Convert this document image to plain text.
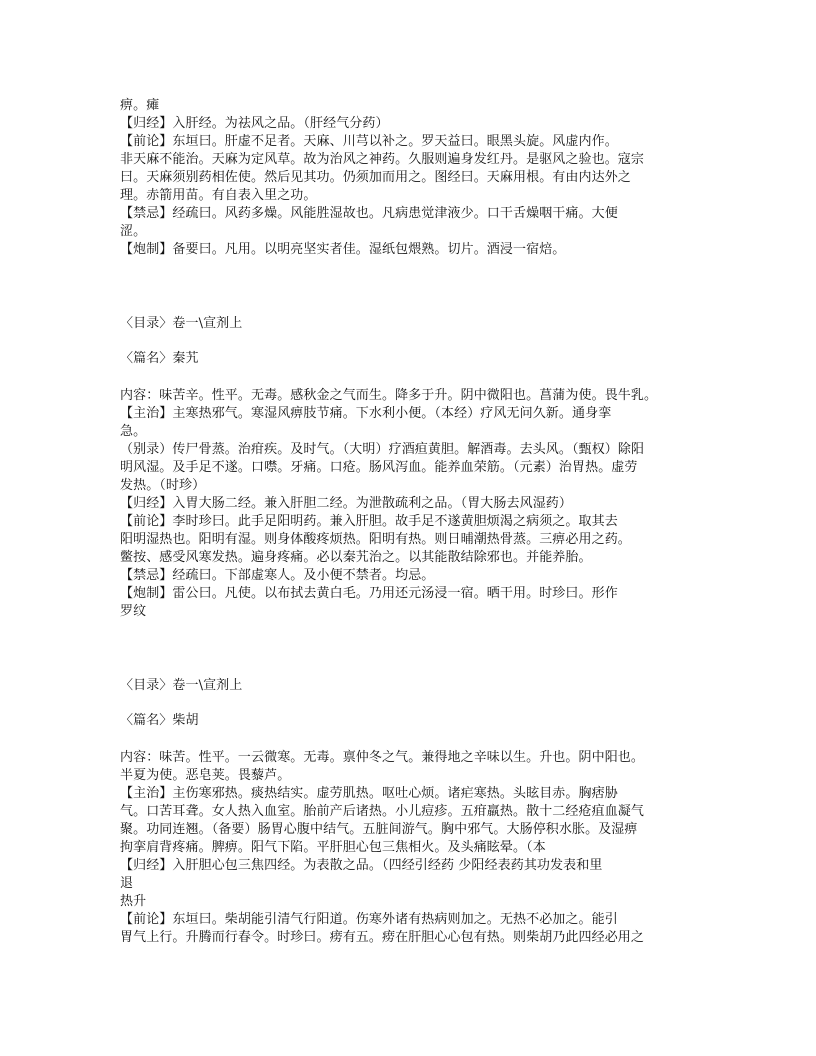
痹。瘫
【归经】入肝经。为祛风之品。（肝经气分药）
【前论】东垣曰。肝虚不足者。天麻、川芎以补之。罗天益曰。眼黑头旋。风虚内作。
非天麻不能治。天麻为定风草。故为治风之神药。久服则遍身发红丹。是驱风之验也。寇宗
曰。天麻须别药相佐使。然后见其功。仍须加而用之。图经曰。天麻用根。有由内达外之
理。赤箭用苗。有自表入里之功。
【禁忌】经疏曰。风药多燥。风能胜湿故也。凡病患觉津液少。口干舌燥咽干痛。大便
涩。
【炮制】备要曰。凡用。以明亮坚实者佳。湿纸包煨熟。切片。酒浸一宿焙。
〈目录〉卷一\宣剂上
〈篇名〉秦艽
内容：味苦辛。性平。无毒。感秋金之气而生。降多于升。阴中微阳也。菖蒲为使。畏牛乳。
【主治】主寒热邪气。寒湿风痹肢节痛。下水利小便。（本经）疗风无问久新。通身挛
急。
（别录）传尸骨蒸。治疳疾。及时气。（大明）疗酒疸黄胆。解酒毒。去头风。（甄权）除阳
明风湿。及手足不遂。口噤。牙痛。口疮。肠风泻血。能养血荣筋。（元素）治胃热。虚劳
发热。（时珍）
【归经】入胃大肠二经。兼入肝胆二经。为泄散疏利之品。（胃大肠去风湿药）
【前论】李时珍曰。此手足阳明药。兼入肝胆。故手足不遂黄胆烦渴之病须之。取其去
阳明湿热也。阳明有湿。则身体酸疼烦热。阳明有热。则日晡潮热骨蒸。三痹必用之药。
鳖按、感受风寒发热。遍身疼痛。必以秦艽治之。以其能散结除邪也。并能养胎。
【禁忌】经疏曰。下部虚寒人。及小便不禁者。均忌。
【炮制】雷公曰。凡使。以布拭去黄白毛。乃用还元汤浸一宿。晒干用。时珍曰。形作
罗纹
〈目录〉卷一\宣剂上
〈篇名〉柴胡
内容：味苦。性平。一云微寒。无毒。禀仲冬之气。兼得地之辛味以生。升也。阴中阳也。
半夏为使。恶皂荚。畏藜芦。
【主治】主伤寒邪热。痰热结实。虚劳肌热。呕吐心烦。诸疟寒热。头眩目赤。胸痞胁
气。口苦耳聋。女人热入血室。胎前产后诸热。小儿痘疹。五疳羸热。散十二经疮疽血凝气
聚。功同连翘。（备要）肠胃心腹中结气。五脏间游气。胸中邪气。大肠停积水胀。及湿痹
拘挛肩背疼痛。脾痹。阳气下陷。平肝胆心包三焦相火。及头痛眩晕。（本
【归经】入肝胆心包三焦四经。为表散之品。（四经引经药 少阳经表药其功发表和里
退
热升
【前论】东垣曰。柴胡能引清气行阳道。伤寒外诸有热病则加之。无热不必加之。能引
胃气上行。升腾而行春令。时珍曰。痨有五。痨在肝胆心心包有热。则柴胡乃此四经必用之
